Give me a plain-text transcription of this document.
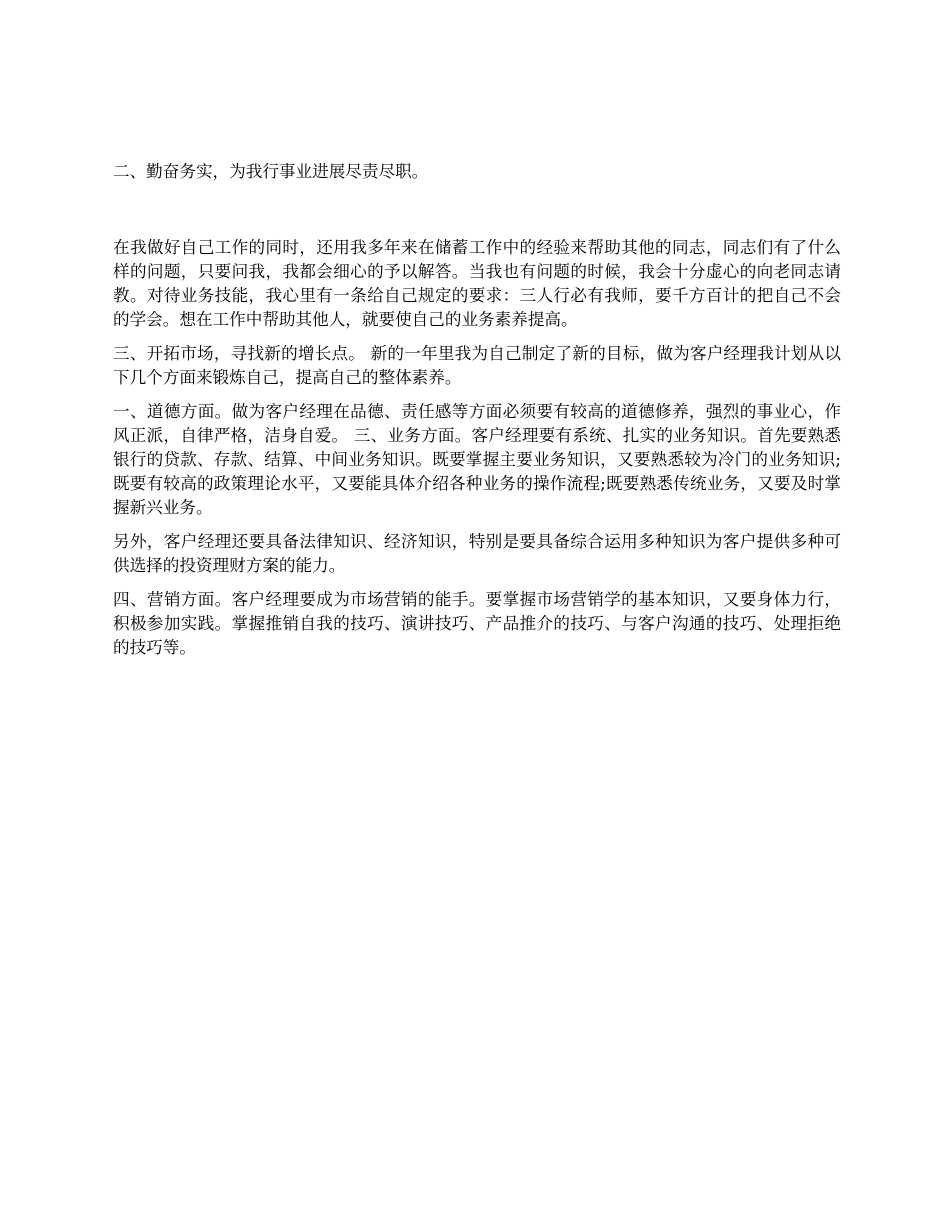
二、勤奋务实，为我行事业进展尽责尽职。

在我做好自己工作的同时，还用我多年来在储蓄工作中的经验来帮助其他的同志，同志们有了什么样的问题，只要问我，我都会细心的予以解答。当我也有问题的时候，我会十分虚心的向老同志请教。对待业务技能，我心里有一条给自己规定的要求：三人行必有我师，要千方百计的把自己不会的学会。想在工作中帮助其他人，就要使自己的业务素养提高。

三、开拓市场，寻找新的增长点。 新的一年里我为自己制定了新的目标，做为客户经理我计划从以下几个方面来锻炼自己，提高自己的整体素养。

一、道德方面。做为客户经理在品德、责任感等方面必须要有较高的道德修养，强烈的事业心，作风正派，自律严格，洁身自爱。 三、业务方面。客户经理要有系统、扎实的业务知识。首先要熟悉银行的贷款、存款、结算、中间业务知识。既要掌握主要业务知识，又要熟悉较为冷门的业务知识;既要有较高的政策理论水平，又要能具体介绍各种业务的操作流程;既要熟悉传统业务，又要及时掌握新兴业务。

另外，客户经理还要具备法律知识、经济知识，特别是要具备综合运用多种知识为客户提供多种可供选择的投资理财方案的能力。

四、营销方面。客户经理要成为市场营销的能手。要掌握市场营销学的基本知识，又要身体力行，积极参加实践。掌握推销自我的技巧、演讲技巧、产品推介的技巧、与客户沟通的技巧、处理拒绝的技巧等。
